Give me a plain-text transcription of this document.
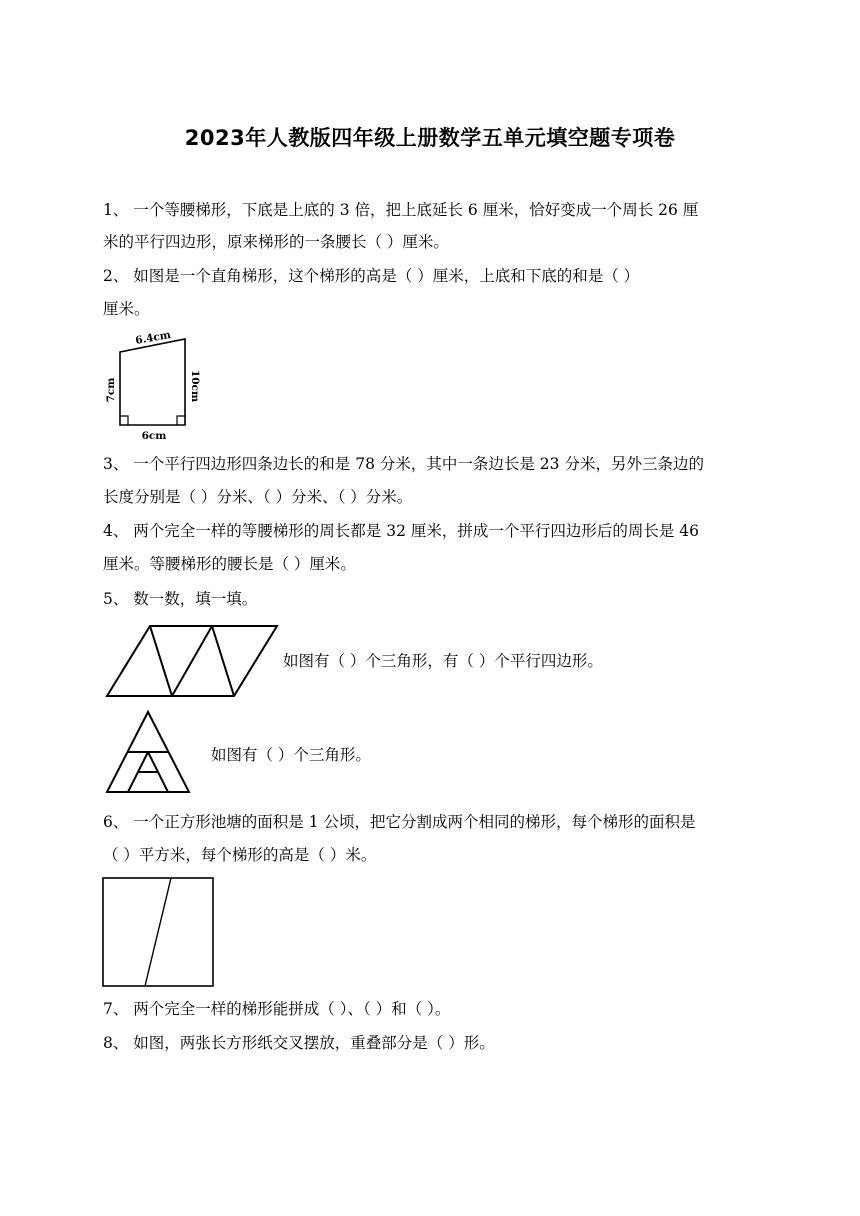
2023年人教版四年级上册数学五单元填空题专项卷
1、 一个等腰梯形，下底是上底的 3 倍，把上底延长 6 厘米，恰好变成一个周长 26 厘
米的平行四边形，原来梯形的一条腰长（ ）厘米。
2、 如图是一个直角梯形，这个梯形的高是（ ）厘米，上底和下底的和是（ ）
厘米。
6.4cm
7cm	10cm
6cm
3、 一个平行四边形四条边长的和是 78 分米，其中一条边长是 23 分米，另外三条边的
长度分别是（ ）分米、（ ）分米、（ ）分米。
4、 两个完全一样的等腰梯形的周长都是 32 厘米，拼成一个平行四边形后的周长是 46
厘米。等腰梯形的腰长是（ ）厘米。
5、 数一数，填一填。
如图有（ ）个三角形，有（ ）个平行四边形。
如图有（ ）个三角形。
6、 一个正方形池塘的面积是 1 公顷，把它分割成两个相同的梯形，每个梯形的面积是
（ ）平方米，每个梯形的高是（ ）米。
7、 两个完全一样的梯形能拼成（ ）、（ ）和（ ）。
8、 如图，两张长方形纸交叉摆放，重叠部分是（ ）形。
